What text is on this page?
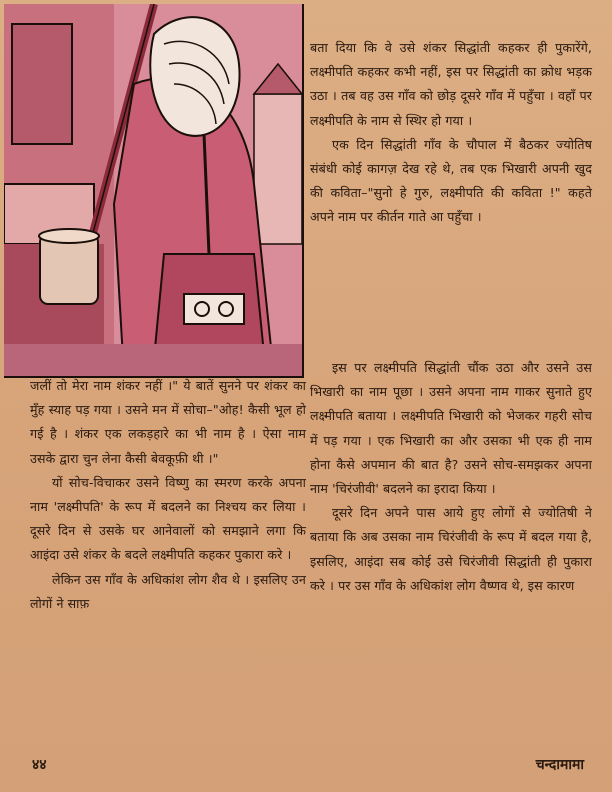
बता दिया कि वे उसे शंकर सिद्धांती कहकर ही पुकारेंगे, लक्ष्मीपति कहकर कभी नहीं, इस पर सिद्धांती का क्रोध भड़क उठा । तब वह उस गाँव को छोड़ दूसरे गाँव में पहुँचा । वहाँ पर लक्ष्मीपति के नाम से स्थिर हो गया ।

एक दिन सिद्धांती गाँव के चौपाल में बैठकर ज्योतिष संबंधी कोई कागज़ देख रहे थे, तब एक भिखारी अपनी खुद की कविता–"सुनो हे गुरु, लक्ष्मीपति की कविता !" कहते अपने नाम पर कीर्तन गाते आ पहुँचा ।

इस पर लक्ष्मीपति सिद्धांती चौंक उठा और उसने उस भिखारी का नाम पूछा । उसने अपना नाम गाकर सुनाते हुए लक्ष्मीपति बताया । लक्ष्मीपति भिखारी को भेजकर गहरी सोच में पड़ गया । एक भिखारी का और उसका भी एक ही नाम होना कैसे अपमान की बात है? उसने सोच-समझकर अपना नाम 'चिरंजीवी' बदलने का इरादा किया ।

दूसरे दिन अपने पास आये हुए लोगों से ज्योतिषी ने बताया कि अब उसका नाम चिरंजीवी के रूप में बदल गया है, इसलिए, आइंदा सब कोई उसे चिरंजीवी सिद्धांती ही पुकारा करे । पर उस गाँव के अधिकांश लोग वैष्णव थे, इस कारण

जलीं तो मेरा नाम शंकर नहीं ।" ये बातें सुनने पर शंकर का मुँह स्याह पड़ गया । उसने मन में सोचा–"ओह! कैसी भूल हो गई है । शंकर एक लकड़हारे का भी नाम है । ऐसा नाम उसके द्वारा चुन लेना कैसी बेवकूफ़ी थी ।"

यों सोच-विचाकर उसने विष्णु का स्मरण करके अपना नाम 'लक्ष्मीपति' के रूप में बदलने का निश्चय कर लिया । दूसरे दिन से उसके घर आनेवालों को समझाने लगा कि आइंदा उसे शंकर के बदले लक्ष्मीपति कहकर पुकारा करे ।

लेकिन उस गाँव के अधिकांश लोग शैव थे । इसलिए उन लोगों ने साफ़

४४	चन्दामामा
